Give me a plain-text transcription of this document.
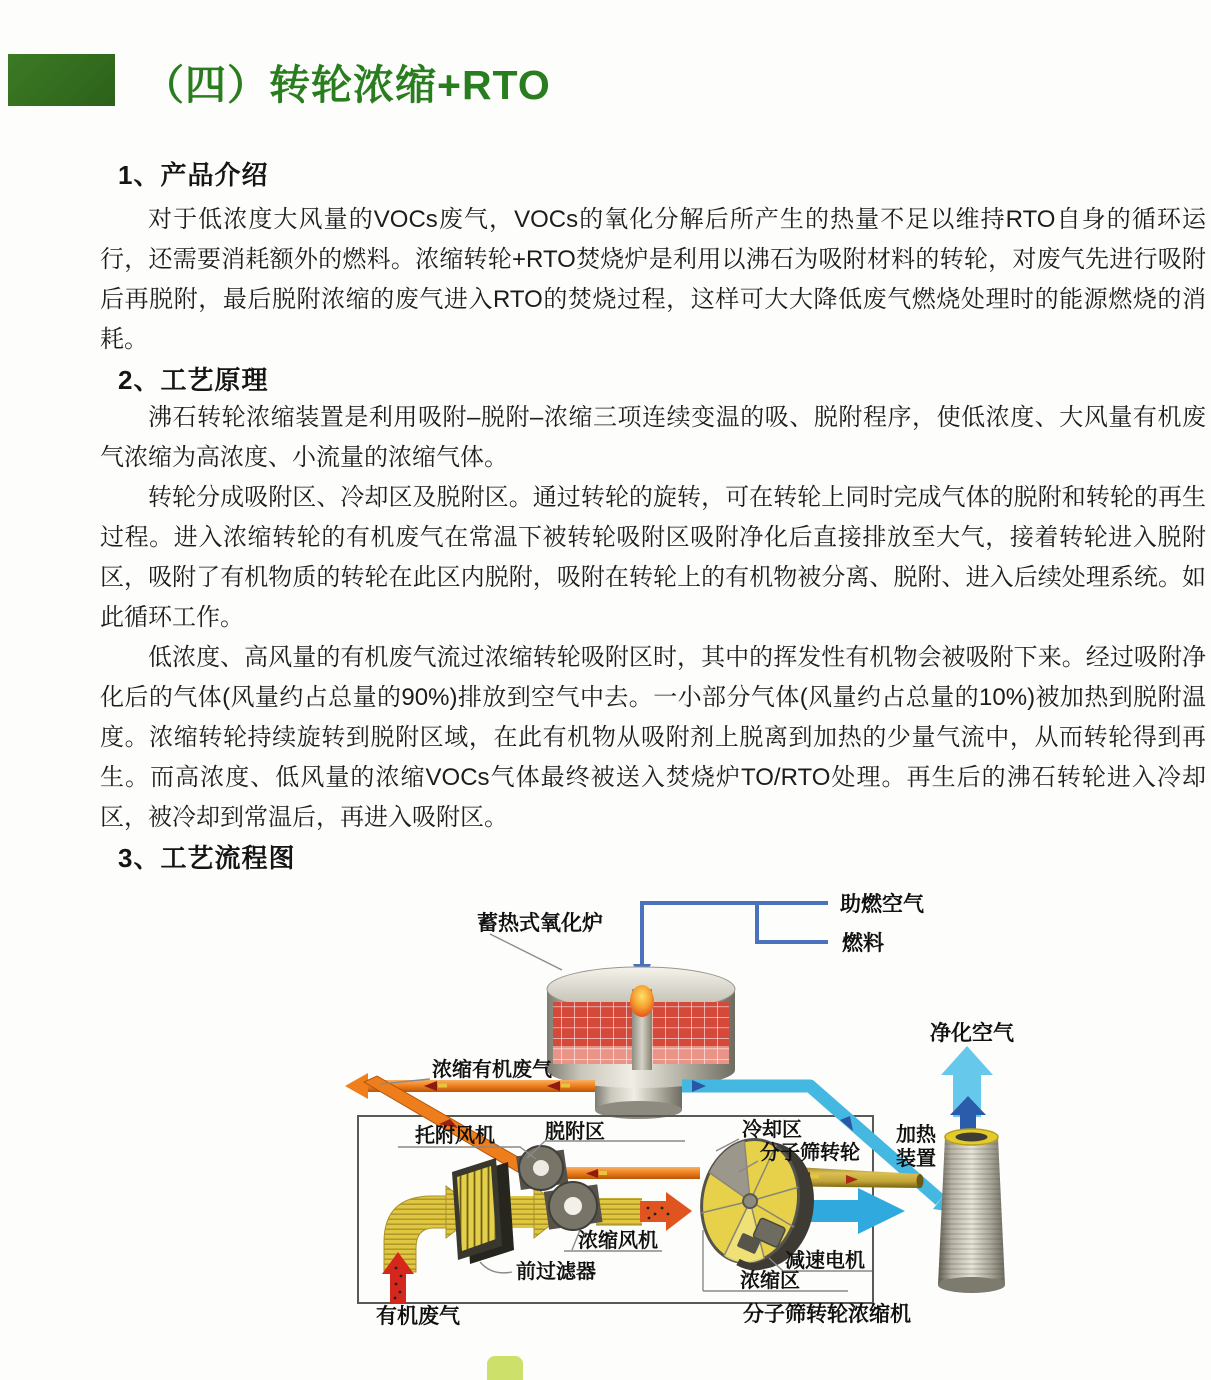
（四）转轮浓缩+RTO
1、产品介绍

对于低浓度大风量的VOCs废气，VOCs的氧化分解后所产生的热量不足以维持RTO自身的循环运行，还需要消耗额外的燃料。浓缩转轮+RTO焚烧炉是利用以沸石为吸附材料的转轮，对废气先进行吸附后再脱附，最后脱附浓缩的废气进入RTO的焚烧过程，这样可大大降低废气燃烧处理时的能源燃烧的消耗。

2、工艺原理

沸石转轮浓缩装置是利用吸附–脱附–浓缩三项连续变温的吸、脱附程序，使低浓度、大风量有机废气浓缩为高浓度、小流量的浓缩气体。

转轮分成吸附区、冷却区及脱附区。通过转轮的旋转，可在转轮上同时完成气体的脱附和转轮的再生过程。进入浓缩转轮的有机废气在常温下被转轮吸附区吸附净化后直接排放至大气，接着转轮进入脱附区，吸附了有机物质的转轮在此区内脱附，吸附在转轮上的有机物被分离、脱附、进入后续处理系统。如此循环工作。

低浓度、高风量的有机废气流过浓缩转轮吸附区时，其中的挥发性有机物会被吸附下来。经过吸附净化后的气体(风量约占总量的90%)排放到空气中去。一小部分气体(风量约占总量的10%)被加热到脱附温度。浓缩转轮持续旋转到脱附区域，在此有机物从吸附剂上脱离到加热的少量气流中，从而转轮得到再生。而高浓度、低风量的浓缩VOCs气体最终被送入焚烧炉TO/RTO处理。再生后的沸石转轮进入冷却区，被冷却到常温后，再进入吸附区。

3、工艺流程图
助燃空气
燃料
蓄热式氧化炉
净化空气
浓缩有机废气
托附风机	脱附区	冷却区
分子筛转轮
加热
装置
浓缩风机
减速电机
前过滤器	浓缩区
有机废气	分子筛转轮浓缩机
